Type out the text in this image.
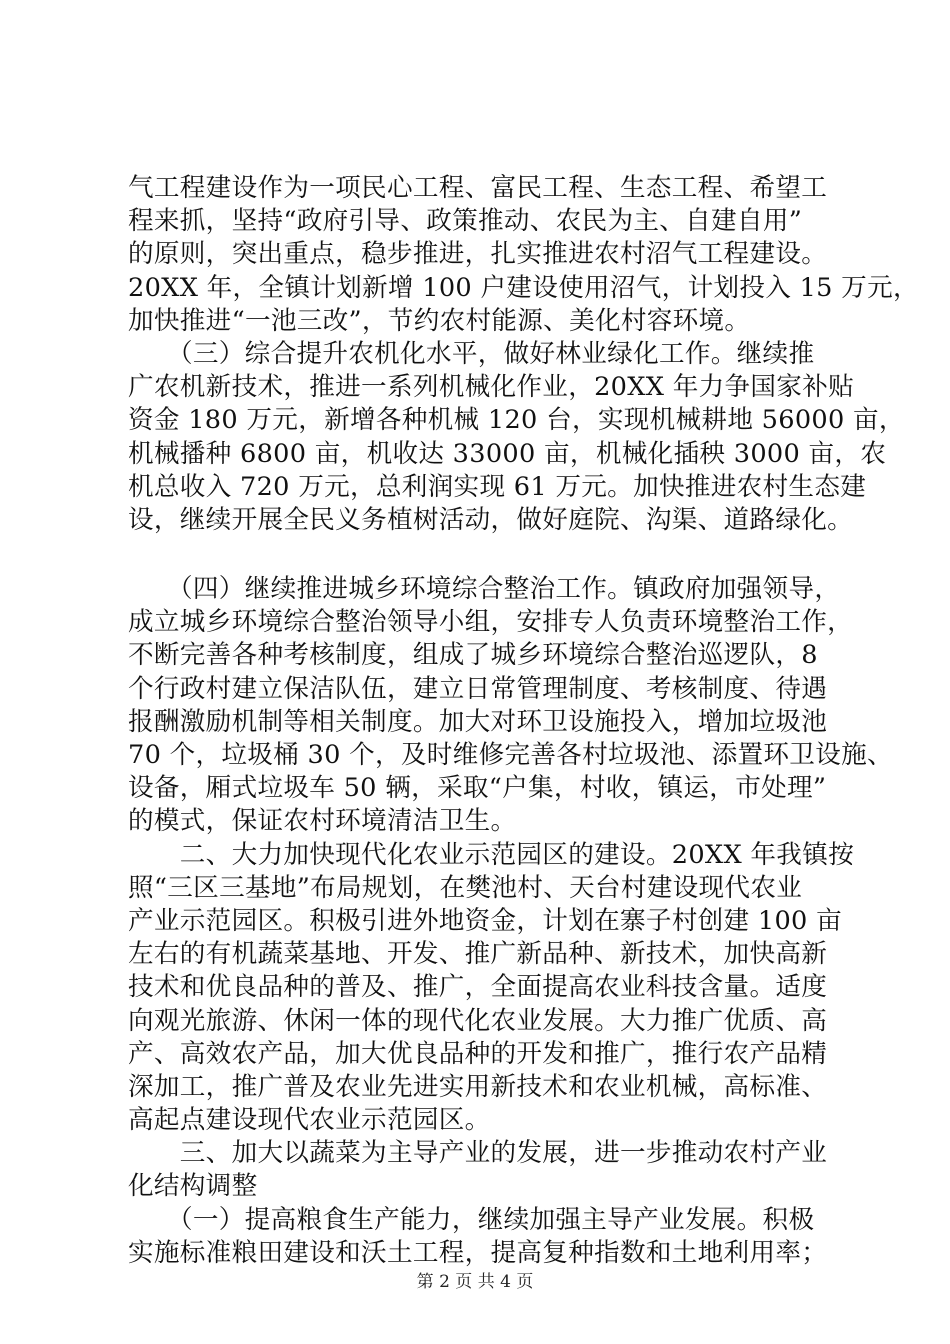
气工程建设作为一项民心工程、富民工程、生态工程、希望工
程来抓，坚持“政府引导、政策推动、农民为主、自建自用”
的原则，突出重点，稳步推进，扎实推进农村沼气工程建设。
20XX 年，全镇计划新增 100 户建设使用沼气，计划投入 15 万元，
加快推进“一池三改”，节约农村能源、美化村容环境。
　　（三）综合提升农机化水平，做好林业绿化工作。继续推
广农机新技术，推进一系列机械化作业，20XX 年力争国家补贴
资金 180 万元，新增各种机械 120 台，实现机械耕地 56000 亩，
机械播种 6800 亩，机收达 33000 亩，机械化插秧 3000 亩，农
机总收入 720 万元，总利润实现 61 万元。加快推进农村生态建
设，继续开展全民义务植树活动，做好庭院、沟渠、道路绿化。
　　（四）继续推进城乡环境综合整治工作。镇政府加强领导，
成立城乡环境综合整治领导小组，安排专人负责环境整治工作，
不断完善各种考核制度，组成了城乡环境综合整治巡逻队，8
个行政村建立保洁队伍，建立日常管理制度、考核制度、待遇
报酬激励机制等相关制度。加大对环卫设施投入，增加垃圾池
70 个，垃圾桶 30 个，及时维修完善各村垃圾池、添置环卫设施、
设备，厢式垃圾车 50 辆，采取“户集，村收，镇运，市处理”
的模式，保证农村环境清洁卫生。
　　二、大力加快现代化农业示范园区的建设。20XX 年我镇按
照“三区三基地”布局规划，在樊池村、天台村建设现代农业
产业示范园区。积极引进外地资金，计划在寨子村创建 100 亩
左右的有机蔬菜基地、开发、推广新品种、新技术，加快高新
技术和优良品种的普及、推广，全面提高农业科技含量。适度
向观光旅游、休闲一体的现代化农业发展。大力推广优质、高
产、高效农产品，加大优良品种的开发和推广，推行农产品精
深加工，推广普及农业先进实用新技术和农业机械，高标准、
高起点建设现代农业示范园区。
　　三、加大以蔬菜为主导产业的发展，进一步推动农村产业
化结构调整
　　（一）提高粮食生产能力，继续加强主导产业发展。积极
实施标准粮田建设和沃土工程，提高复种指数和土地利用率；
第 2 页 共 4 页
